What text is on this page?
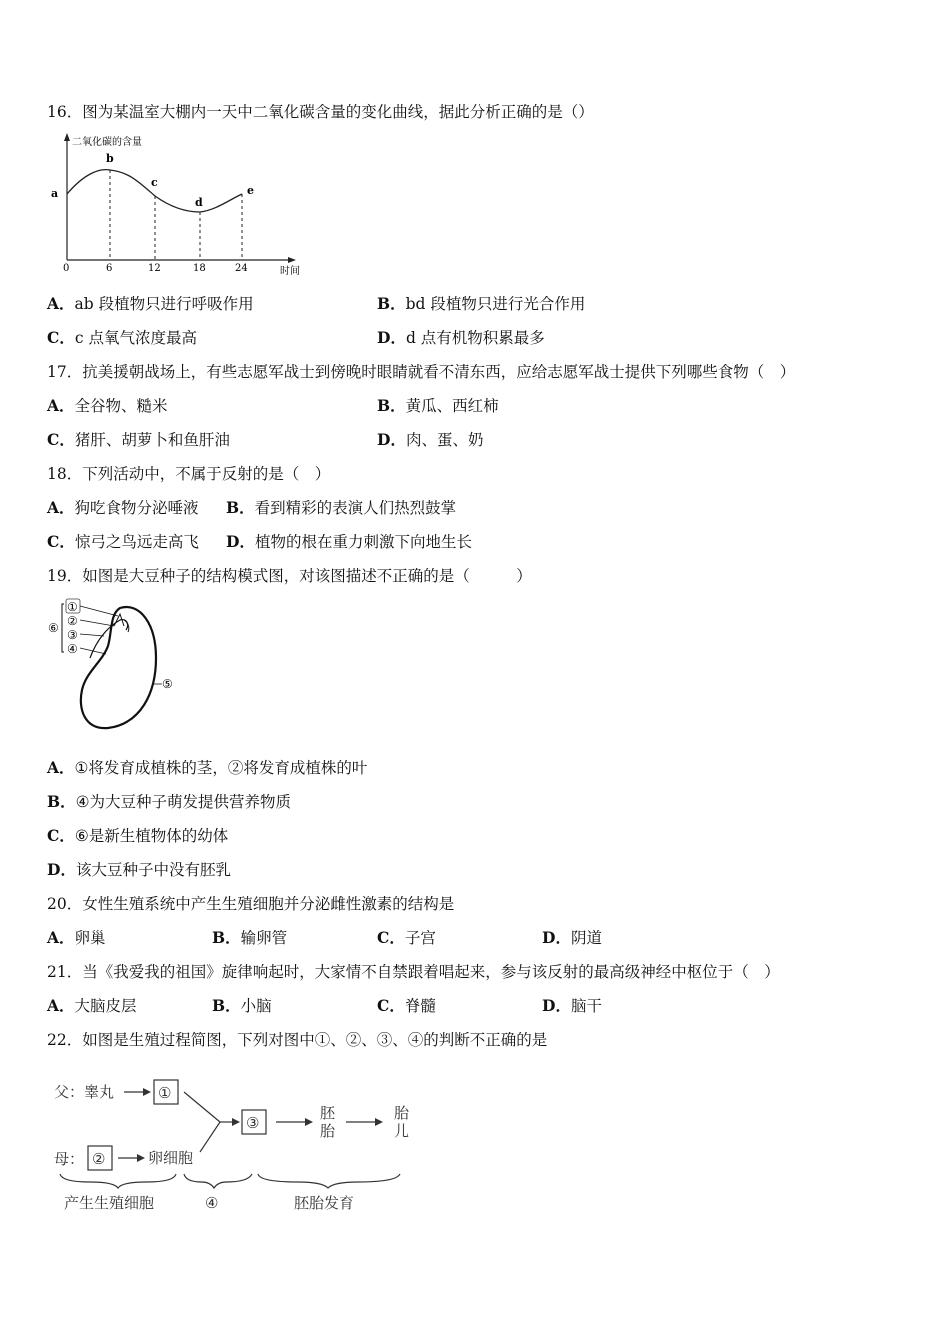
16．图为某温室大棚内一天中二氧化碳含量的变化曲线，据此分析正确的是（）
二氧化碳的含量
时间
a
b
c
d
e
0	6	12	18	24
A．ab 段植物只进行呼吸作用	B．bd 段植物只进行光合作用
C．c 点氧气浓度最高	D．d 点有机物积累最多
17．抗美援朝战场上，有些志愿军战士到傍晚时眼睛就看不清东西，应给志愿军战士提供下列哪些食物（　）
A．全谷物、糙米	B．黄瓜、西红柿
C．猪肝、胡萝卜和鱼肝油	D．肉、蛋、奶
18．下列活动中，不属于反射的是（　）
A．狗吃食物分泌唾液 B．看到精彩的表演人们热烈鼓掌
C．惊弓之鸟远走高飞 D．植物的根在重力刺激下向地生长
19．如图是大豆种子的结构模式图，对该图描述不正确的是（　　　）
①
②
③
④
⑥
⑤
A．①将发育成植株的茎，②将发育成植株的叶
B．④为大豆种子萌发提供营养物质
C．⑥是新生植物体的幼体
D．该大豆种子中没有胚乳
20．女性生殖系统中产生生殖细胞并分泌雌性激素的结构是
A．卵巢	B．输卵管	C．子宫	D．阴道
21．当《我爱我的祖国》旋律响起时，大家情不自禁跟着唱起来，参与该反射的最高级神经中枢位于（　）
A．大脑皮层	B．小脑	C．脊髓	D．脑干
22．如图是生殖过程简图，下列对图中①、②、③、④的判断不正确的是
父：睾丸	①
母： ②	卵细胞
③
胚
胎
胎
儿
产生生殖细胞	④	胚胎发育
